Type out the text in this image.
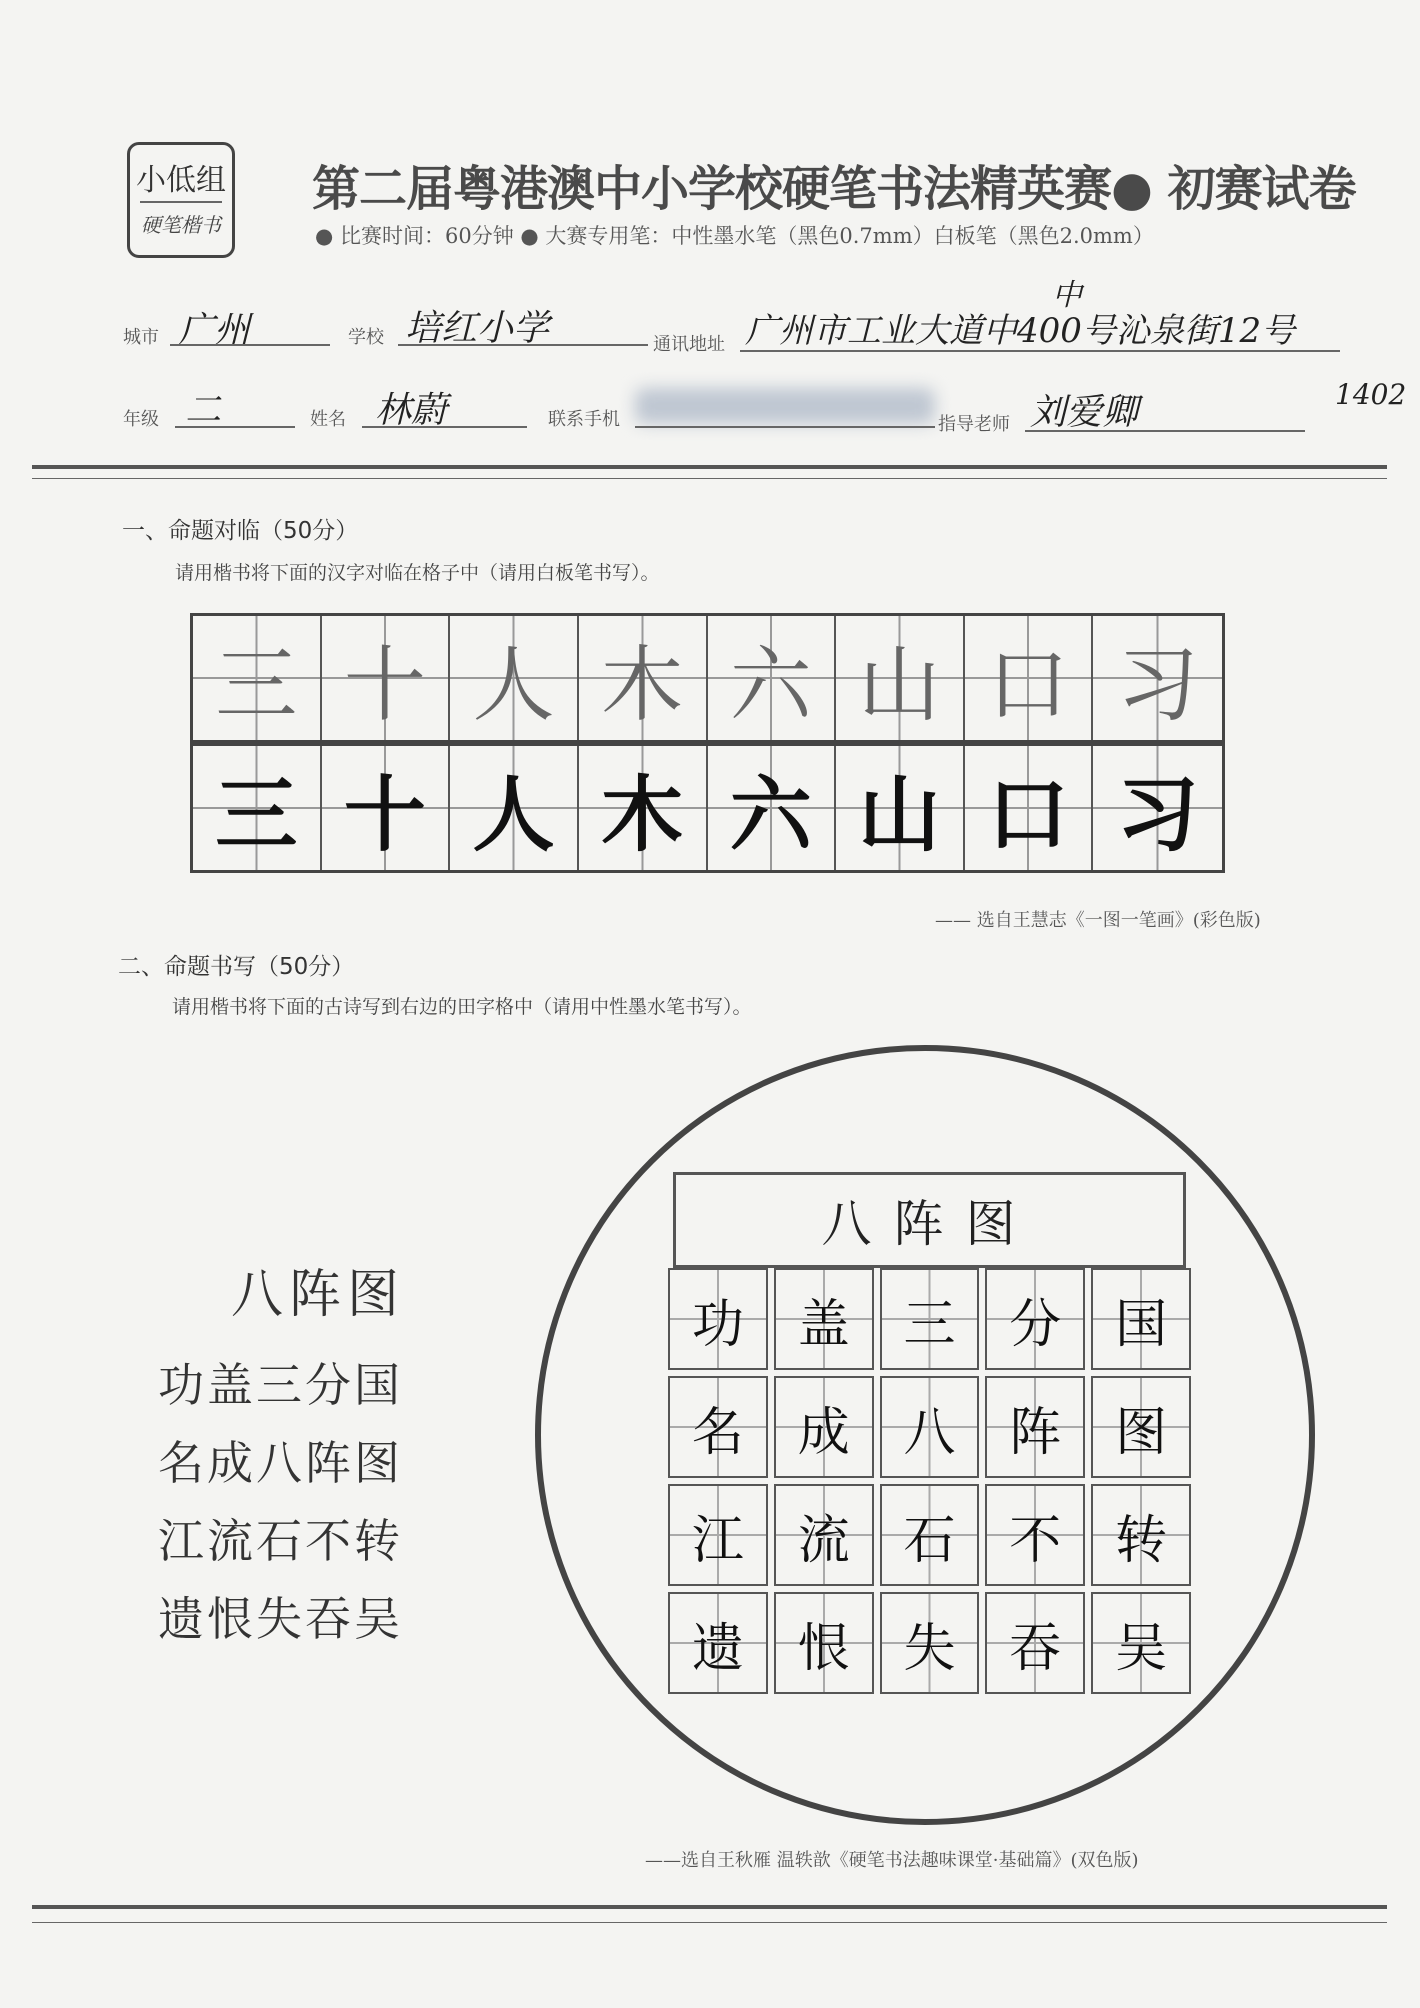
小低组
硬笔楷书
第二届粤港澳中小学校硬笔书法精英赛● 初赛试卷
● 比赛时间：60分钟 ● 大赛专用笔：中性墨水笔（黑色0.7mm）白板笔（黑色2.0mm）
城市 广州	学校 培红小学	通讯地址 广州市工业大道中400号沁泉街12号
中
1402
年级 二	姓名 林蔚	联系手机	指导老师 刘爱卿
一、命题对临（50分）
请用楷书将下面的汉字对临在格子中（请用白板笔书写）。
三 十 人 木 六 山 口 习
三 十 人 木 六 山 口 习
—— 选自王慧志《一图一笔画》(彩色版)
二、命题书写（50分）
请用楷书将下面的古诗写到右边的田字格中（请用中性墨水笔书写）。
八阵图
功盖三分国
名成八阵图
江流石不转
遗恨失吞吴
八阵图
功 盖 三 分 国
名 成 八 阵 图
江 流 石 不 转
遗 恨 失 吞 吴
——选自王秋雁 温轶歆《硬笔书法趣味课堂·基础篇》(双色版)
